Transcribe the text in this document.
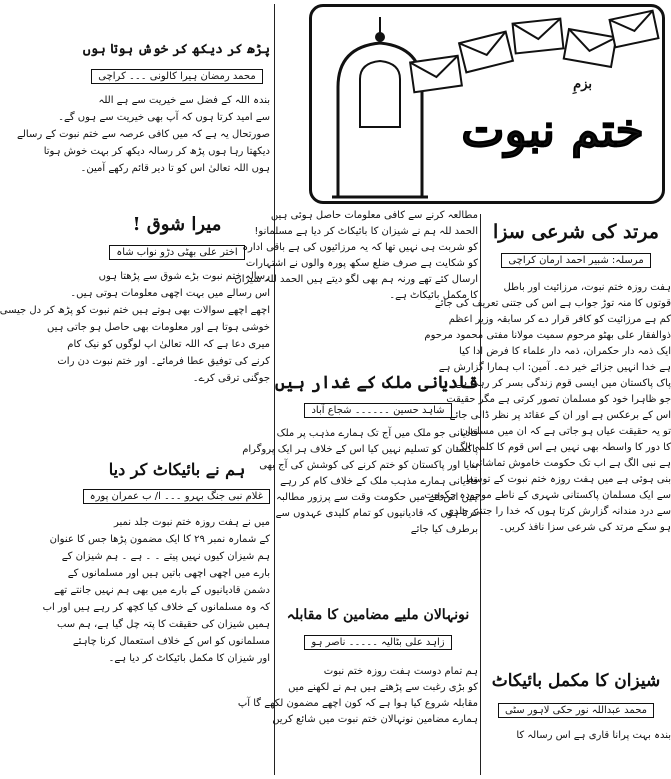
بزمِ
ختم نبوت
مرتد کی شرعی سزا
مرسلہ: شبیر احمد ارمان کراچی
ہفت روزہ ختم نبوت، مرزائیت اور باطل
قوتوں کا منہ توڑ جواب ہے اس کی جتنی تعریف کی جائے
کم ہے مرزائیت کو کافر قرار دے کر سابقہ وزیر اعظم
ذوالفقار علی بھٹو مرحوم سمیت مولانا مفتی محمود مرحوم
ایک ذمہ دار حکمران، ذمہ دار علماء کا فرض ادا کیا
ہے خدا انہیں جزائے خیر دے۔ آمین: اب ہمارا گزارش ہے
پاک پاکستان میں ایسی قوم زندگی بسر کر رہی ہے
جو ظاہرا خود کو مسلمان تصور کرتی ہے مگر حقیقت
اس کے برعکس ہے اور ان کے عقائد پر نظر ڈالی جائے
تو یہ حقیقت عیاں ہو جاتی ہے کہ ان میں مسلمان
کا دور کا واسطہ بھی نہیں ہے اس قوم کا کلمہ الگ
ہے نبی الگ ہے اب تک حکومت خاموش تماشائی
بنی ہوئی ہے میں ہفت روزہ ختم نبوت کے توسط
سے ایک مسلمان پاکستانی شہری کے ناطے موجودہ حکومت
سے درد مندانہ گزارش کرتا ہوں کہ خدا را جتنی جلدی
ہو سکے مرتد کی شرعی سزا نافذ کریں۔
شیزان کا مکمل بائیکاٹ
محمد عبداللہ نور حکی لاہور سٹی
بندہ بہت پرانا قاری ہے اس رسالہ کا
مطالعہ کرنے سے کافی معلومات حاصل ہوئی ہیں
الحمد للہ ہم نے شیزان کا بائیکاٹ کر دیا ہے مسلمانو!
کو شربت ہی نہیں تھا کہ یہ مرزائیوں کی ہے باقی ادارہ
کو شکایت ہے صرف ضلع سکھ پورہ والوں نے اشتہارات
ارسال کئے تھے ورنہ ہم بھی لگو دیتے ہیں الحمد للہ شیزان
کا مکمل بائیکاٹ ہے۔
قادیانی ملک کے غدار ہیں
شاہد حسین ۔۔۔۔۔۔ شجاع آباد
قادیانی جو ملک میں آج تک ہمارے مذہب پر ملک
پاکستان کو تسلیم نہیں کیا اس کے خلاف ہر ایک پروگرام
بنایا اور پاکستان کو ختم کرنے کی کوشش کی آج بھی
قادیانی ہمارے مذہب ملک کے خلاف کام کر رہے
ہیں اس لئے میں حکومت وقت سے پرزور مطالبہ
کرتا ہوں کہ قادیانیوں کو تمام کلیدی عہدوں سے
برطرف کیا جائے
نونہالان ملیے مضامین کا مقابلہ
زاہد علی بٹالیہ ۔۔۔۔۔ ناصر ہو
ہم تمام دوست ہفت روزہ ختم نبوت
کو بڑی رغبت سے پڑھتے ہیں ہم نے لکھنے میں
مقابلہ شروع کیا ہوا ہے کہ کون اچھے مضمون لکھے گا آپ
ہمارے مضامین نونہالان ختم نبوت میں شائع کریں
پڑھ کر دیکھ کر خوش ہوتا ہوں
محمد رمضان ہیرا کالونی ۔۔۔ کراچی
بندہ اللہ کے فضل سے خیریت سے ہے اللہ
سے امید کرتا ہوں کہ آپ بھی خیریت سے ہوں گے۔
صورتحال یہ ہے کہ میں کافی عرصہ سے ختم نبوت کے رسالے
دیکھتا رہا ہوں پڑھ کر رسالہ دیکھ کر بہت خوش ہوتا
ہوں اللہ تعالیٰ اس کو تا دیر قائم رکھے آمین۔
میرا شوق !
اختر علی بھٹی دڑو نواب شاہ
رسالہ ختم نبوت بڑے شوق سے پڑھتا ہوں
اس رسالے میں بہت اچھی معلومات ہوتی ہیں۔
اچھے اچھے سوالات بھی ہوتے ہیں ختم نبوت کو پڑھ کر دل جیسی
خوشی ہوتا ہے اور معلومات بھی حاصل ہو جاتی ہیں
میری دعا ہے کہ اللہ تعالیٰ اپ لوگوں کو نیک کام
کرنے کی توفیق عطا فرمائے۔ اور ختم نبوت دن رات
جوگنی ترقی کرے۔
ہم نے بائیکاٹ کر دیا
غلام نبی جنگ بہرو ۔۔۔ ا/ ب عمران پورہ
میں نے ہفت روزہ ختم نبوت جلد نمبر
کے شمارہ نمبر ۲۹ کا ایک مضمون پڑھا جس کا عنوان
ہم شیزان کیوں نہیں پیتے ۔ ۔ ہے ۔ ہم شیزان کے
بارے میں اچھی اچھی باتیں ہیں اور مسلمانوں کے
دشمن قادیانیوں کے بارے میں بھی ہم نہیں جانتے تھے
کہ وہ مسلمانوں کے خلاف کیا کچھ کر رہے ہیں اور اب
ہمیں شیزان کی حقیقت کا پتہ چل گیا ہے، ہم سب
مسلمانوں کو اس کے خلاف استعمال کرنا چاہئے
اور شیزان کا مکمل بائیکاٹ کر دیا ہے۔
